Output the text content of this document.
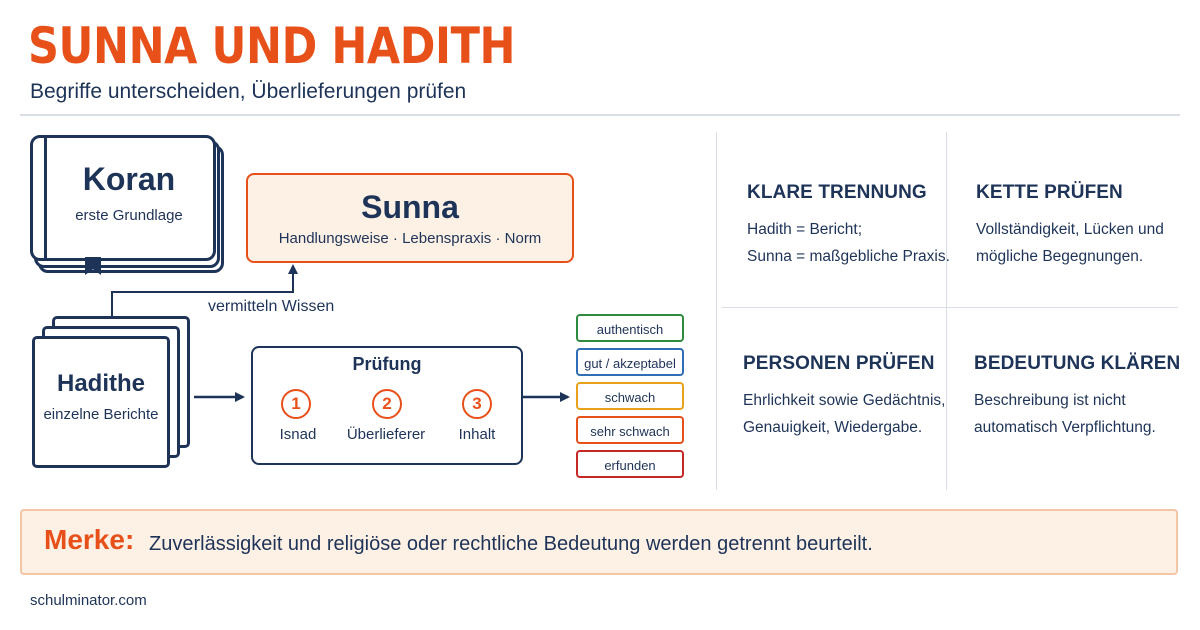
SUNNA UND HADITH
Begriffe unterscheiden, Überlieferungen prüfen
Koran
erste Grundlage	Sunna
Handlungsweise · Lebenspraxis · Norm
vermitteln Wissen
Hadithe
einzelne Berichte
Prüfung
1
Isnad
2
Überlieferer
3
Inhalt
authentisch
gut / akzeptabel
schwach
sehr schwach
erfunden
KLARE TRENNUNG
Hadith = Bericht;
Sunna = maßgebliche Praxis.
KETTE PRÜFEN
Vollständigkeit, Lücken und
mögliche Begegnungen.
PERSONEN PRÜFEN
Ehrlichkeit sowie Gedächtnis,
Genauigkeit, Wiedergabe.
BEDEUTUNG KLÄREN
Beschreibung ist nicht
automatisch Verpflichtung.
Merke: Zuverlässigkeit und religiöse oder rechtliche Bedeutung werden getrennt beurteilt.
schulminator.com
